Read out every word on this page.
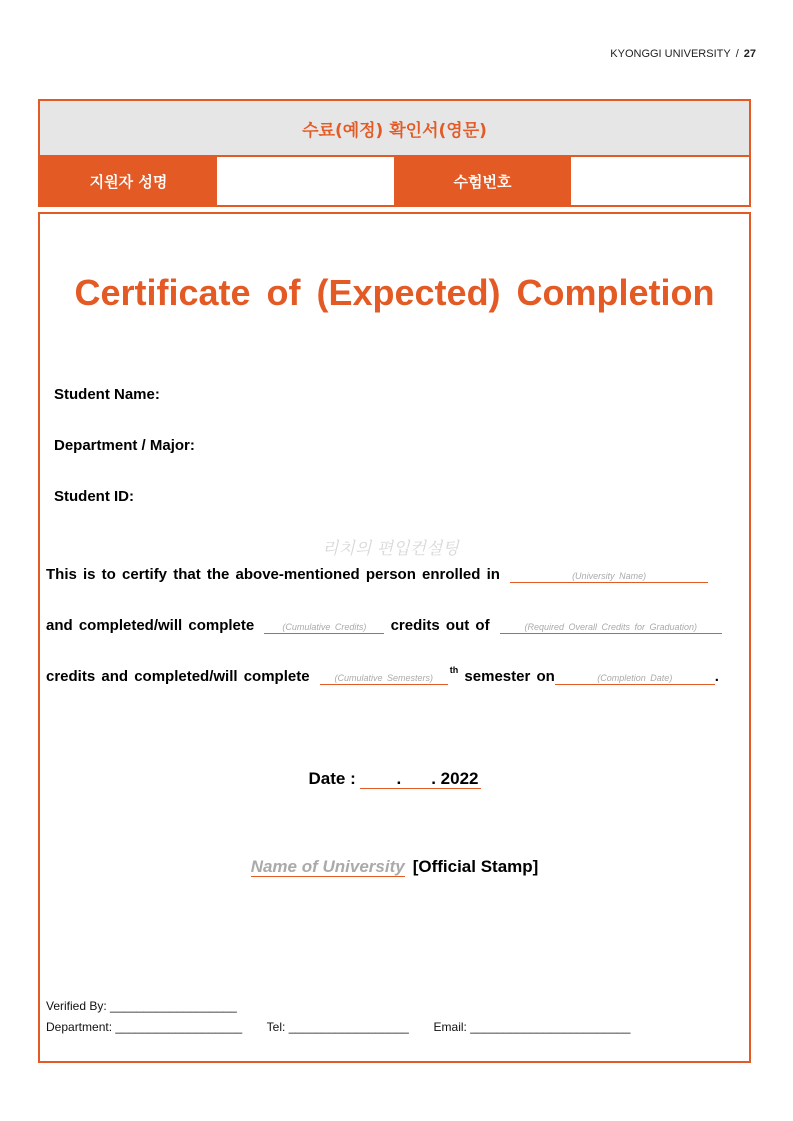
KYONGGI UNIVERSITY / 27
수료(예정) 확인서(영문)
지원자 성명	수험번호
Certificate of (Expected) Completion
Student Name:
Department / Major:
Student ID:
리치의 편입컨설팅
This is to certify that the above-mentioned person enrolled in	(University Name)
and completed/will complete	(Cumulative Credits) credits out of	(Required Overall Credits for Graduation)
credits and completed/will complete	(Cumulative Semesters)$^{th}$ semester on	(Completion Date)	.
Date : . . 2022
Name of University [Official Stamp]
Verified By: ___________________
Department: ___________________ Tel: __________________ Email: ________________________
